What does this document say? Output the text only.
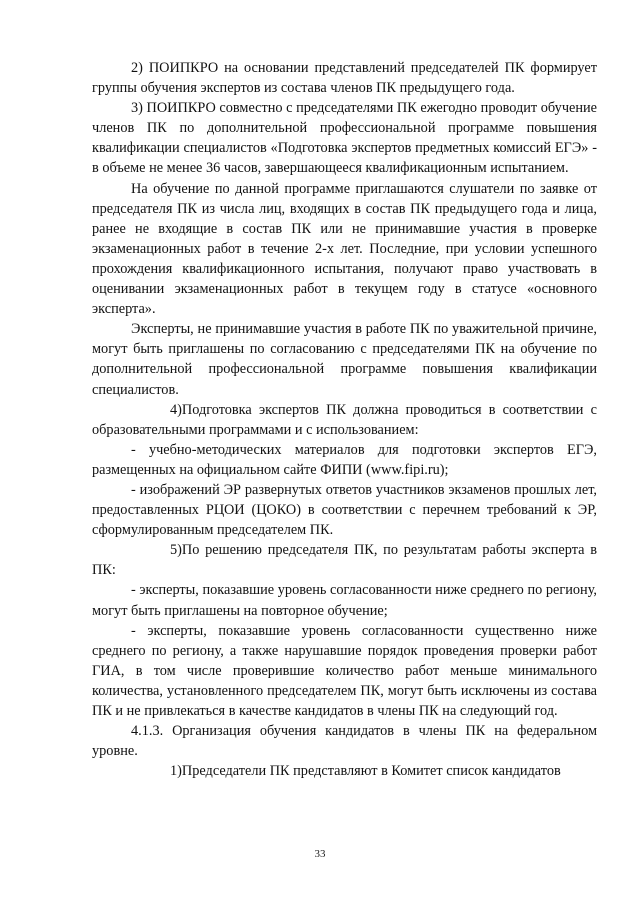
2) ПОИПКРО на основании представлений председателей ПК формирует группы обучения экспертов из состава членов ПК предыдущего года.

3) ПОИПКРО совместно с председателями ПК ежегодно проводит обучение членов ПК по дополнительной профессиональной программе повышения квалификации специалистов «Подготовка экспертов предметных комиссий ЕГЭ» - в объеме не менее 36 часов, завершающееся квалификационным испытанием.

На обучение по данной программе приглашаются слушатели по заявке от председателя ПК из числа лиц, входящих в состав ПК предыдущего года и лица, ранее не входящие в состав ПК или не принимавшие участия в проверке экзаменационных работ в течение 2-х лет. Последние, при условии успешного прохождения квалификационного испытания, получают право участвовать в оценивании экзаменационных работ в текущем году в статусе «основного эксперта».

Эксперты, не принимавшие участия в работе ПК по уважительной причине, могут быть приглашены по согласованию с председателями ПК на обучение по дополнительной профессиональной программе повышения квалификации специалистов.

4)Подготовка экспертов ПК должна проводиться в соответствии с образовательными программами и с использованием:

- учебно-методических материалов для подготовки экспертов ЕГЭ, размещенных на официальном сайте ФИПИ (www.fipi.ru);

- изображений ЭР развернутых ответов участников экзаменов прошлых лет, предоставленных РЦОИ (ЦОКО) в соответствии с перечнем требований к ЭР, сформулированным председателем ПК.

5)По решению председателя ПК, по результатам работы эксперта в ПК:

- эксперты, показавшие уровень согласованности ниже среднего по региону, могут быть приглашены на повторное обучение;

- эксперты, показавшие уровень согласованности существенно ниже среднего по региону, а также нарушавшие порядок проведения проверки работ ГИА, в том числе проверившие количество работ меньше минимального количества, установленного председателем ПК, могут быть исключены из состава ПК и не привлекаться в качестве кандидатов в члены ПК на следующий год.

4.1.3. Организация обучения кандидатов в члены ПК на федеральном уровне.

1)Председатели ПК представляют в Комитет список кандидатов

33
